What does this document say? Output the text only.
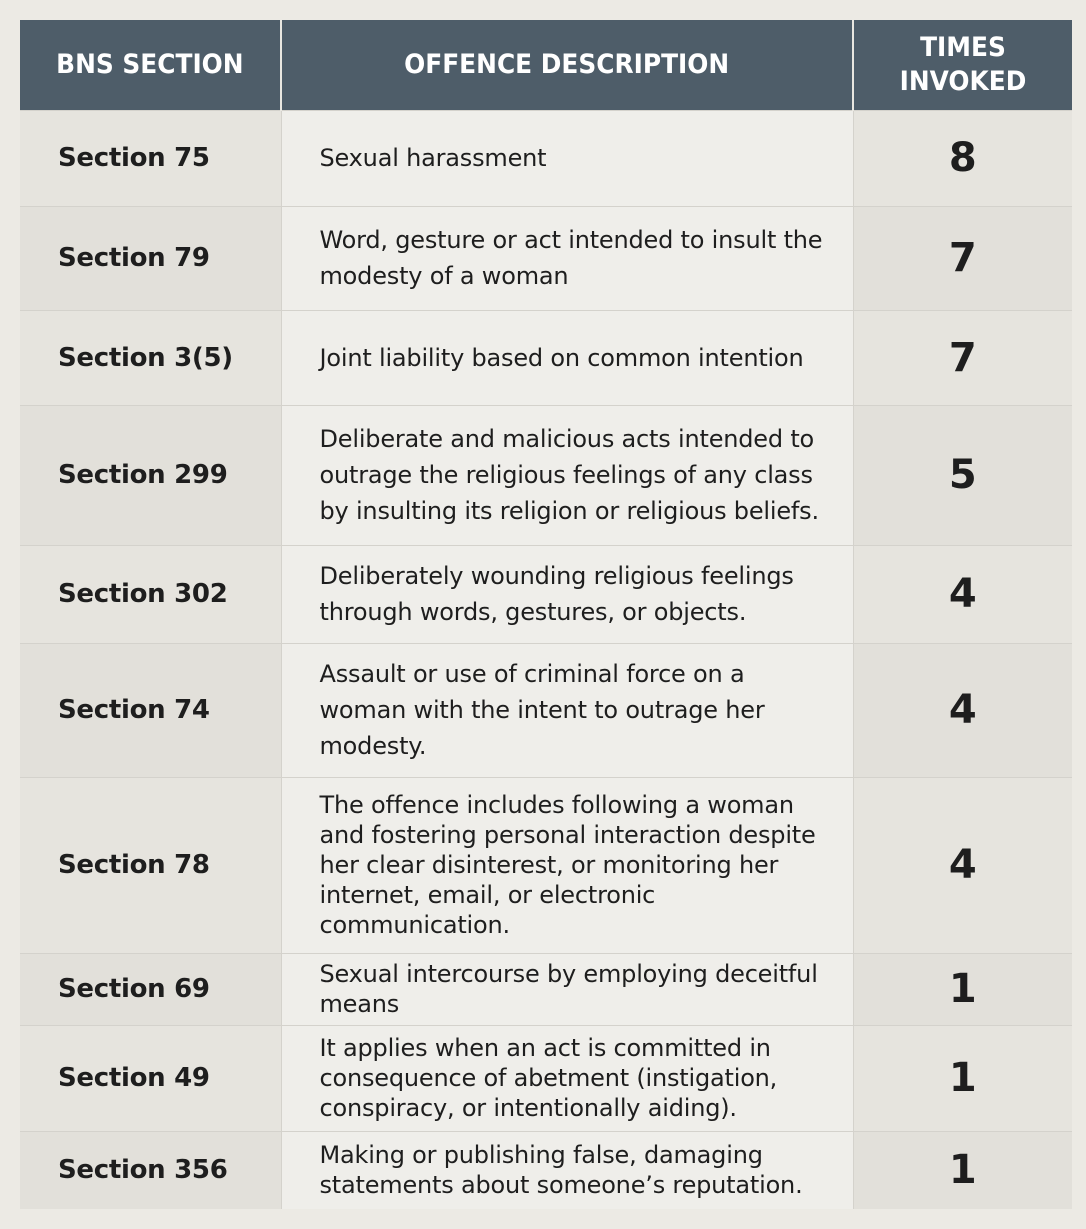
BNS SECTION	OFFENCE DESCRIPTION	TIMES INVOKED
Section 75	Sexual harassment	8
Section 79	Word, gesture or act intended to insult the modesty of a woman	7
Section 3(5)	Joint liability based on common intention	7
Section 299	Deliberate and malicious acts intended to outrage the religious feelings of any class by insulting its religion or religious beliefs.	5
Section 302	Deliberately wounding religious feelings through words, gestures, or objects.	4
Section 74	Assault or use of criminal force on a woman with the intent to outrage her modesty.	4
Section 78	The offence includes following a woman and fostering personal interaction despite her clear disinterest, or monitoring her internet, email, or electronic communication.	4
Section 69	Sexual intercourse by employing deceitful means	1
Section 49	It applies when an act is committed in consequence of abetment (instigation, conspiracy, or intentionally aiding).	1
Section 356	Making or publishing false, damaging statements about someone’s reputation.	1
